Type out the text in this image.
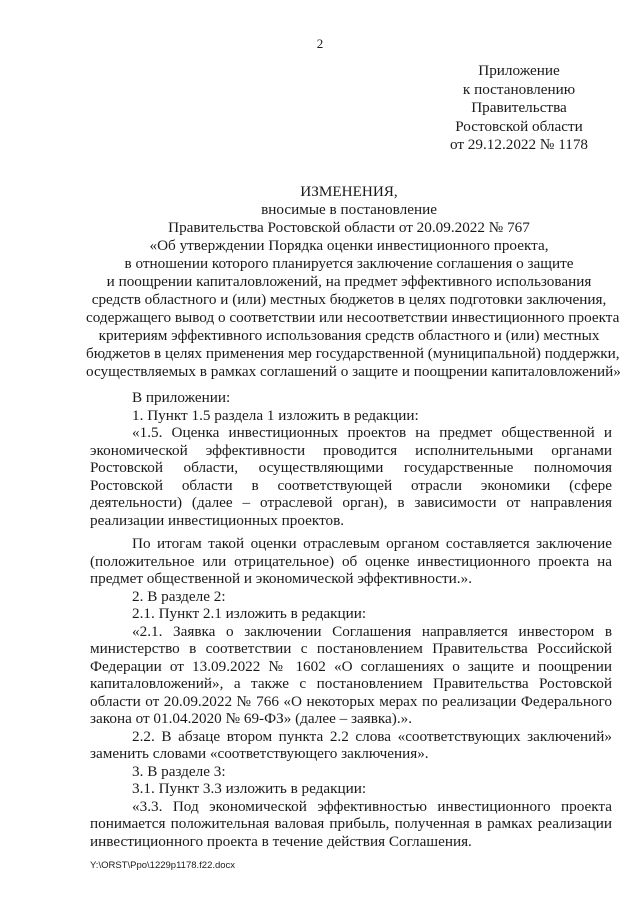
2
Приложение
к постановлению
Правительства
Ростовской области
от 29.12.2022 № 1178
ИЗМЕНЕНИЯ,
вносимые в постановление
Правительства Ростовской области от 20.09.2022 № 767
«Об утверждении Порядка оценки инвестиционного проекта,
в отношении которого планируется заключение соглашения о защите
и поощрении капиталовложений, на предмет эффективного использования
средств областного и (или) местных бюджетов в целях подготовки заключения,
содержащего вывод о соответствии или несоответствии инвестиционного проекта
критериям эффективного использования средств областного и (или) местных
бюджетов в целях применения мер государственной (муниципальной) поддержки,
осуществляемых в рамках соглашений о защите и поощрении капиталовложений»

В приложении:

1. Пункт 1.5 раздела 1 изложить в редакции:

«1.5. Оценка инвестиционных проектов на предмет общественной и экономической эффективности проводится исполнительными органами Ростовской области, осуществляющими государственные полномочия Ростовской области в соответствующей отрасли экономики (сфере деятельности) (далее – отраслевой орган), в зависимости от направления реализации инвестиционных проектов.

По итогам такой оценки отраслевым органом составляется заключение (положительное или отрицательное) об оценке инвестиционного проекта на предмет общественной и экономической эффективности.».

2. В разделе 2:

2.1. Пункт 2.1 изложить в редакции:

«2.1. Заявка о заключении Соглашения направляется инвестором в министерство в соответствии с постановлением Правительства Российской Федерации от 13.09.2022 № 1602 «О соглашениях о защите и поощрении капиталовложений», а также с постановлением Правительства Ростовской области от 20.09.2022 № 766 «О некоторых мерах по реализации Федерального закона от 01.04.2020 № 69-ФЗ» (далее – заявка).».

2.2. В абзаце втором пункта 2.2 слова «соответствующих заключений» заменить словами «соответствующего заключения».

3. В разделе 3:

3.1. Пункт 3.3 изложить в редакции:

«3.3. Под экономической эффективностью инвестиционного проекта понимается положительная валовая прибыль, полученная в рамках реализации инвестиционного проекта в течение действия Соглашения.

Y:\ORST\Ppo\1229p1178.f22.docx
